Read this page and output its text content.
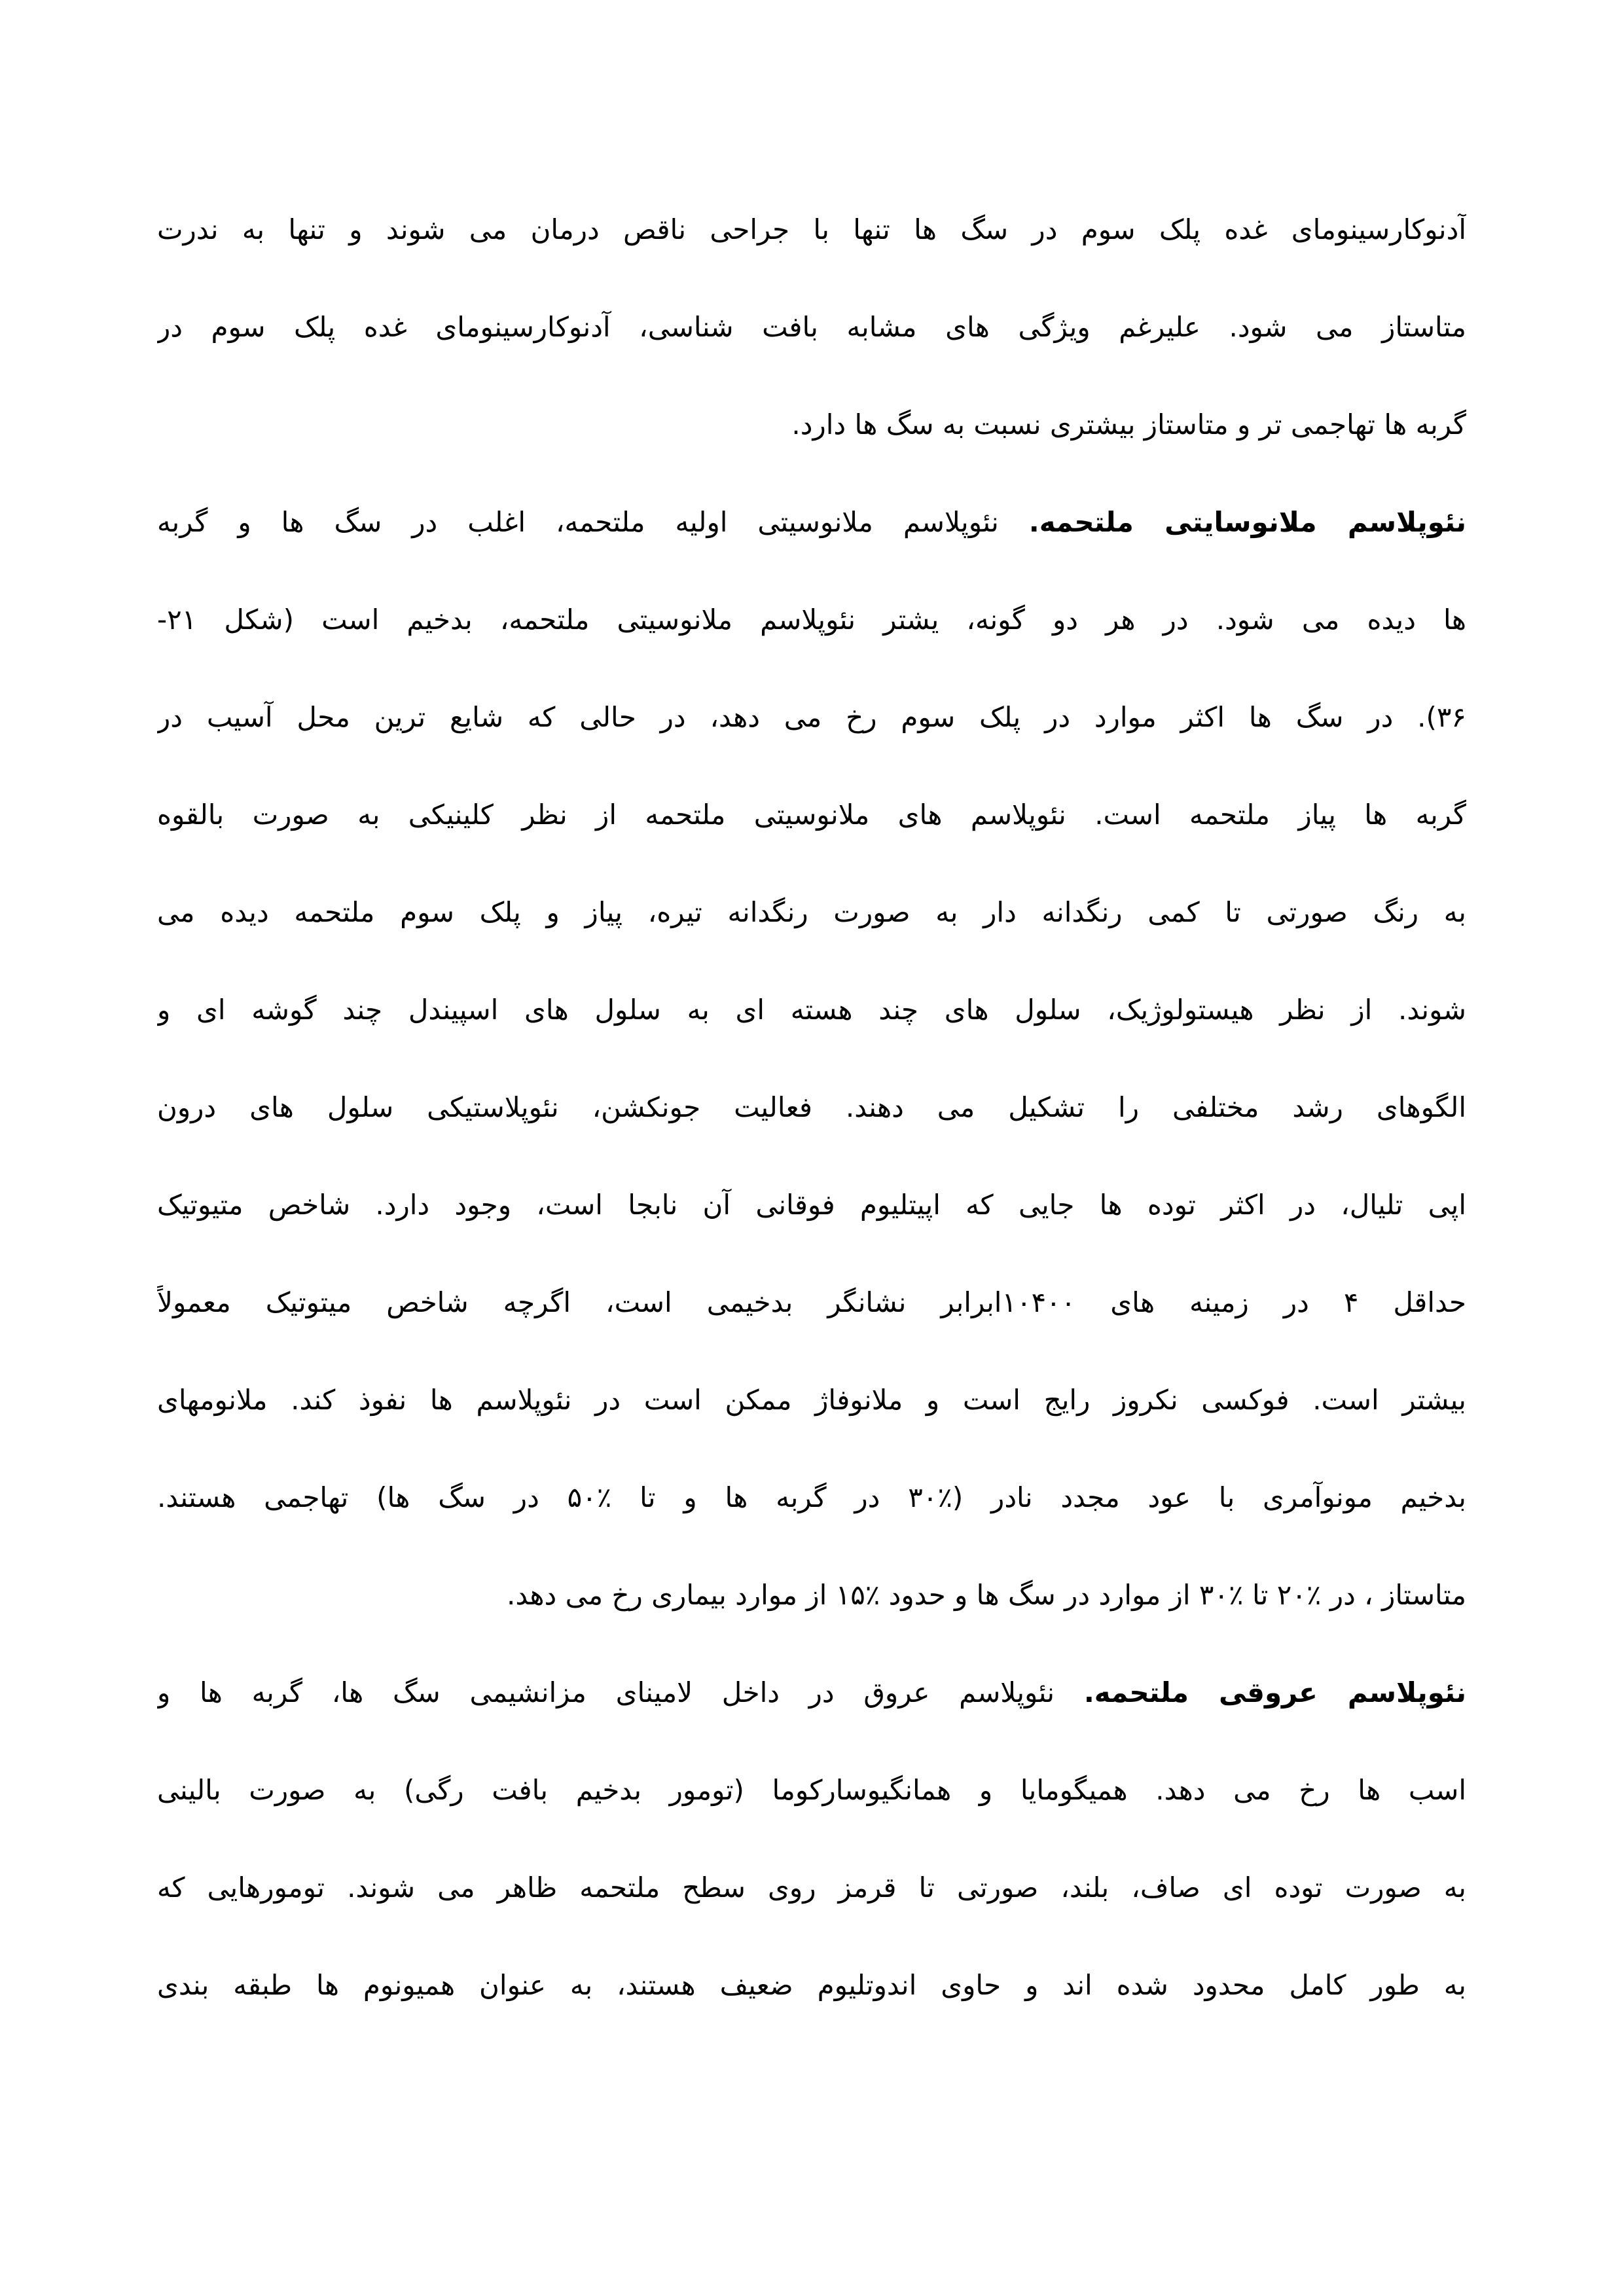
آدنوکارسینومای غده پلک سوم در سگ ها تنها با جراحی ناقص درمان می شوند و تنها به ندرت
متاستاز می شود. علیرغم ویژگی های مشابه بافت شناسی، آدنوکارسینومای غده پلک سوم در
گربه ها تهاجمی تر و متاستاز بیشتری نسبت به سگ ها دارد.
نئوپلاسم ملانوسایتی ملتحمه. نئوپلاسم ملانوسیتی اولیه ملتحمه، اغلب در سگ ها و گربه
ها دیده می شود. در هر دو گونه، یشتر نئوپلاسم ملانوسیتی ملتحمه، بدخیم است (شکل ۲۱-
۳۶). در سگ ها اکثر موارد در پلک سوم رخ می دهد، در حالی که شایع ترین محل آسیب در
گربه ها پیاز ملتحمه است. نئوپلاسم های ملانوسیتی ملتحمه از نظر کلینیکی به صورت بالقوه
به رنگ صورتی تا کمی رنگدانه دار به صورت رنگدانه تیره، پیاز و پلک سوم ملتحمه دیده می
شوند. از نظر هیستولوژیک، سلول های چند هسته ای به سلول های اسپیندل چند گوشه ای و
الگوهای رشد مختلفی را تشکیل می دهند. فعالیت جونکشن، نئوپلاستیکی سلول های درون
اپی تلیال، در اکثر توده ها جایی که اپیتلیوم فوقانی آن نابجا است، وجود دارد. شاخص متیوتیک
حداقل ۴ در زمینه های ۱۰۴۰۰ابرابر نشانگر بدخیمی است، اگرچه شاخص میتوتیک معمولاً
بیشتر است. فوکسی نکروز رایج است و ملانوفاژ ممکن است در نئوپلاسم ها نفوذ کند. ملانومهای
بدخیم مونوآمری با عود مجدد نادر (٪۳۰ در گربه ها و تا ٪۵۰ در سگ ها) تهاجمی هستند.
متاستاز ، در ٪۲۰ تا ٪۳۰ از موارد در سگ ها و حدود ٪۱۵ از موارد بیماری رخ می دهد.
نئوپلاسم عروقی ملتحمه. نئوپلاسم عروق در داخل لامینای مزانشیمی سگ ها، گربه ها و
اسب ها رخ می دهد. همیگومایا و همانگیوسارکوما (تومور بدخیم بافت رگی) به صورت بالینی
به صورت توده ای صاف، بلند، صورتی تا قرمز روی سطح ملتحمه ظاهر می شوند. تومورهایی که
به طور کامل محدود شده اند و حاوی اندوتلیوم ضعیف هستند، به عنوان همیونوم ها طبقه بندی
